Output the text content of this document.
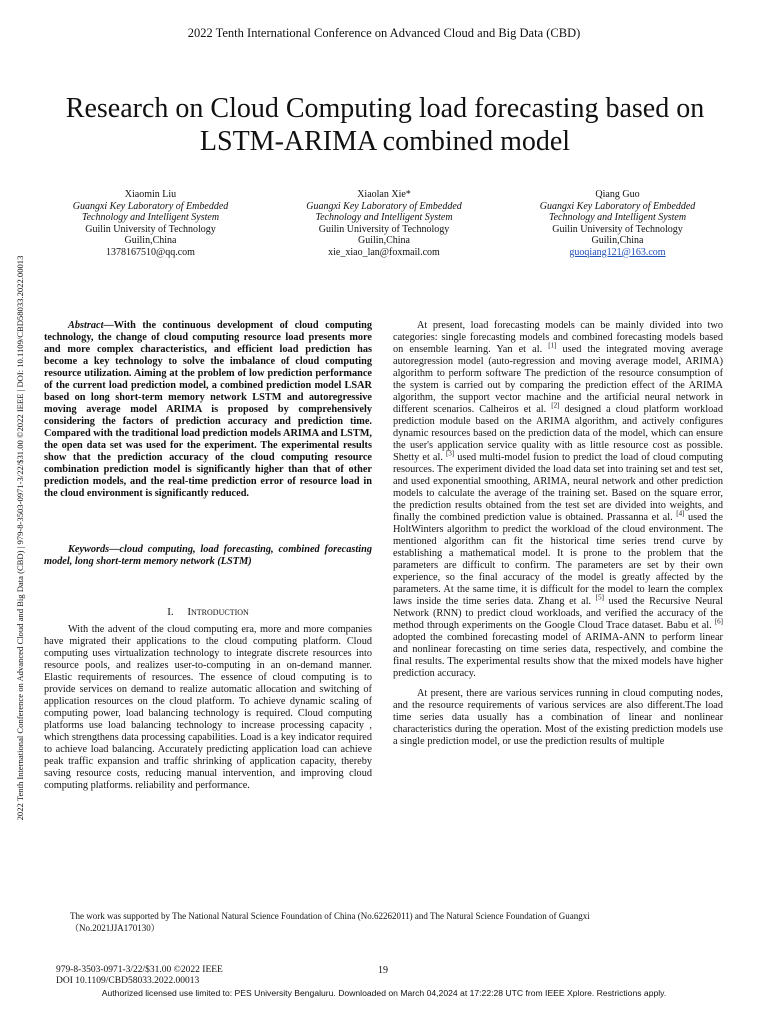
2022 Tenth International Conference on Advanced Cloud and Big Data (CBD)
2022 Tenth International Conference on Advanced Cloud and Big Data (CBD) | 979-8-3503-0971-3/22/$31.00 ©2022 IEEE | DOI: 10.1109/CBD58033.2022.00013
Research on Cloud Computing load forecasting based on LSTM-ARIMA combined model
Xiaomin Liu
Guangxi Key Laboratory of Embedded Technology and Intelligent System
Guilin University of Technology
Guilin,China
1378167510@qq.com
Xiaolan Xie*
Guangxi Key Laboratory of Embedded Technology and Intelligent System
Guilin University of Technology
Guilin,China
xie_xiao_lan@foxmail.com
Qiang Guo
Guangxi Key Laboratory of Embedded Technology and Intelligent System
Guilin University of Technology
Guilin,China
guoqiang121@163.com

Abstract—With the continuous development of cloud computing technology, the change of cloud computing resource load presents more and more complex characteristics, and efficient load prediction has become a key technology to solve the imbalance of cloud computing resource utilization. Aiming at the problem of low prediction performance of the current load prediction model, a combined prediction model LSAR based on long short-term memory network LSTM and autoregressive moving average model ARIMA is proposed by comprehensively considering the factors of prediction accuracy and prediction time. Compared with the traditional load prediction models ARIMA and LSTM, the open data set was used for the experiment. The experimental results show that the prediction accuracy of the cloud computing resource combination prediction model is significantly higher than that of other prediction models, and the real-time prediction error of resource load in the cloud environment is significantly reduced.

Keywords—cloud computing, load forecasting, combined forecasting model, long short-term memory network (LSTM)

I. Introduction

With the advent of the cloud computing era, more and more companies have migrated their applications to the cloud computing platform. Cloud computing uses virtualization technology to integrate discrete resources into resource pools, and realizes user-to-computing in an on-demand manner. Elastic requirements of resources. The essence of cloud computing is to provide services on demand to realize automatic allocation and switching of application resources on the cloud platform. To achieve dynamic scaling of computing power, load balancing technology is required. Cloud computing platforms use load balancing technology to increase processing capacity , which strengthens data processing capabilities. Load is a key indicator required to achieve load balancing. Accurately predicting application load can achieve peak traffic expansion and traffic shrinking of application capacity, thereby saving resource costs, reducing manual intervention, and improving cloud computing platforms. reliability and performance.

At present, load forecasting models can be mainly divided into two categories: single forecasting models and combined forecasting models based on ensemble learning. Yan et al. [1] used the integrated moving average autoregression model (auto-regression and moving average model, ARIMA) algorithm to perform software The prediction of the resource consumption of the system is carried out by comparing the prediction effect of the ARIMA algorithm, the support vector machine and the artificial neural network in different scenarios. Calheiros et al. [2] designed a cloud platform workload prediction module based on the ARIMA algorithm, and actively configures dynamic resources based on the prediction data of the model, which can ensure the user's application service quality with as little resource cost as possible. Shetty et al. [3] used multi-model fusion to predict the load of cloud computing resources. The experiment divided the load data set into training set and test set, and used exponential smoothing, ARIMA, neural network and other prediction models to calculate the average of the training set. Based on the square error, the prediction results obtained from the test set are divided into weights, and finally the combined prediction value is obtained. Prassanna et al. [4] used the HoltWinters algorithm to predict the workload of the cloud environment. The mentioned algorithm can fit the historical time series trend curve by establishing a mathematical model. It is prone to the problem that the parameters are difficult to confirm. The parameters are set by their own experience, so the final accuracy of the model is greatly affected by the parameters. At the same time, it is difficult for the model to learn the complex laws inside the time series data. Zhang et al. [5] used the Recursive Neural Network (RNN) to predict cloud workloads, and verified the accuracy of the method through experiments on the Google Cloud Trace dataset. Babu et al. [6] adopted the combined forecasting model of ARIMA-ANN to perform linear and nonlinear forecasting on time series data, respectively, and combine the final results. The experimental results show that the mixed models have higher prediction accuracy.

At present, there are various services running in cloud computing nodes, and the resource requirements of various services are also different.The load time series data usually has a combination of linear and nonlinear characteristics during the operation. Most of the existing prediction models use a single prediction model, or use the prediction results of multiple

The work was supported by The National Natural Science Foundation of China (No.62262011) and The Natural Science Foundation of Guangxi
（No.2021JJA170130）
979-8-3503-0971-3/22/$31.00 ©2022 IEEE
DOI 10.1109/CBD58033.2022.00013
19
Authorized licensed use limited to: PES University Bengaluru. Downloaded on March 04,2024 at 17:22:28 UTC from IEEE Xplore. Restrictions apply.
